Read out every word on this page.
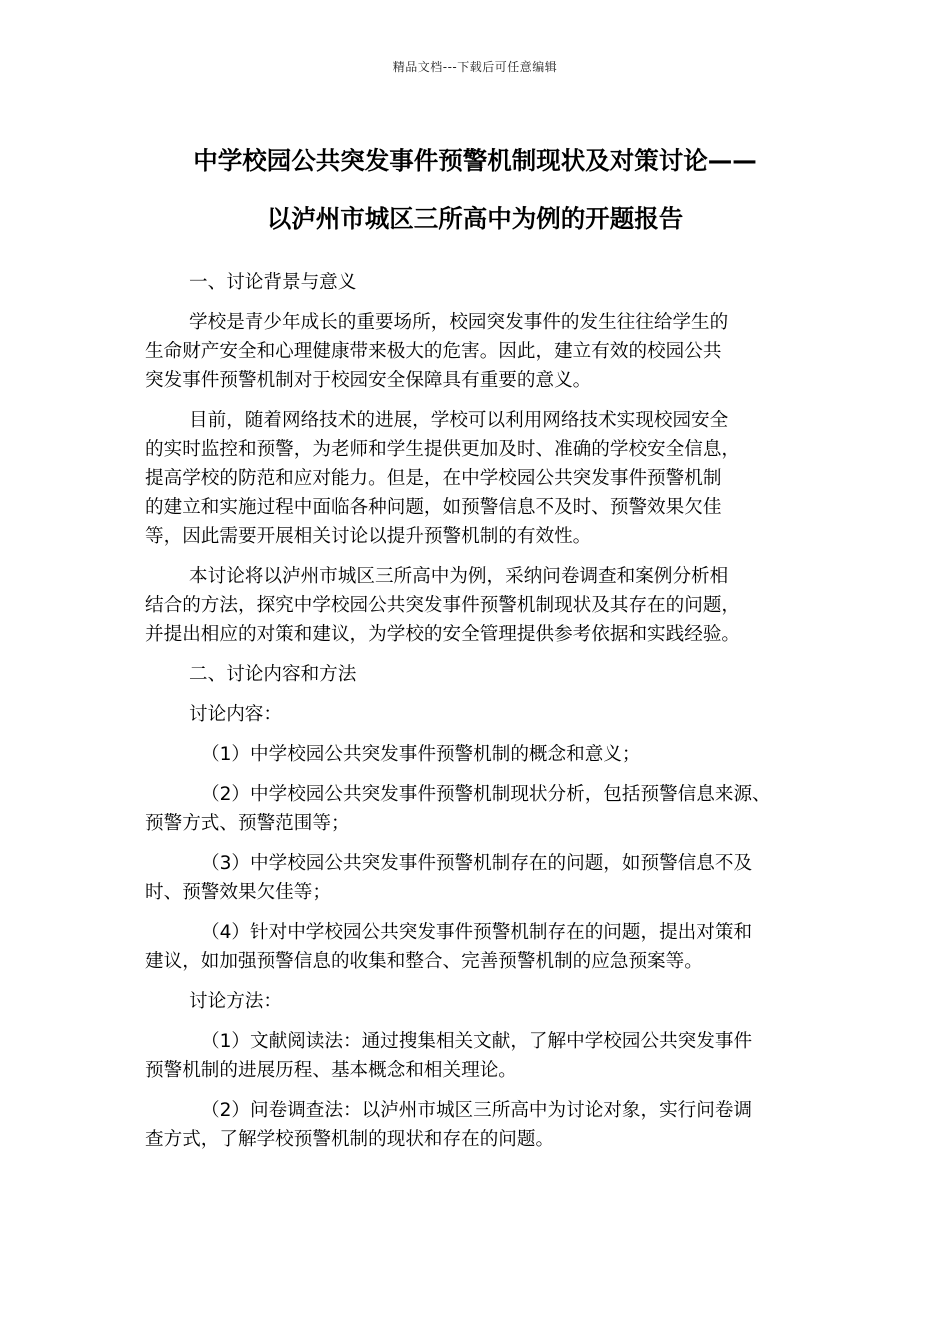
精品文档---下载后可任意编辑
中学校园公共突发事件预警机制现状及对策讨论——
以泸州市城区三所高中为例的开题报告
一、讨论背景与意义
学校是青少年成长的重要场所，校园突发事件的发生往往给学生的
生命财产安全和心理健康带来极大的危害。因此，建立有效的校园公共
突发事件预警机制对于校园安全保障具有重要的意义。
目前，随着网络技术的进展，学校可以利用网络技术实现校园安全
的实时监控和预警，为老师和学生提供更加及时、准确的学校安全信息，
提高学校的防范和应对能力。但是，在中学校园公共突发事件预警机制
的建立和实施过程中面临各种问题，如预警信息不及时、预警效果欠佳
等，因此需要开展相关讨论以提升预警机制的有效性。
本讨论将以泸州市城区三所高中为例，采纳问卷调查和案例分析相
结合的方法，探究中学校园公共突发事件预警机制现状及其存在的问题，
并提出相应的对策和建议，为学校的安全管理提供参考依据和实践经验。
二、讨论内容和方法
讨论内容：
（1）中学校园公共突发事件预警机制的概念和意义；
（2）中学校园公共突发事件预警机制现状分析，包括预警信息来源、
预警方式、预警范围等；
（3）中学校园公共突发事件预警机制存在的问题，如预警信息不及
时、预警效果欠佳等；
（4）针对中学校园公共突发事件预警机制存在的问题，提出对策和
建议，如加强预警信息的收集和整合、完善预警机制的应急预案等。
讨论方法：
（1）文献阅读法：通过搜集相关文献，了解中学校园公共突发事件
预警机制的进展历程、基本概念和相关理论。
（2）问卷调查法：以泸州市城区三所高中为讨论对象，实行问卷调
查方式，了解学校预警机制的现状和存在的问题。
